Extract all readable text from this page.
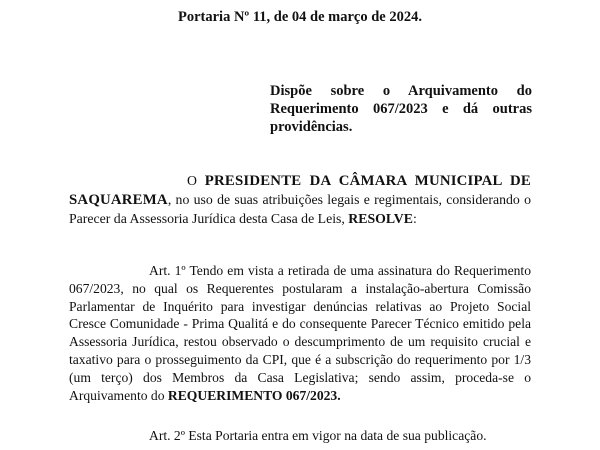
Portaria Nº 11, de 04 de março de 2024.
Dispõe sobre o Arquivamento do Requerimento 067/2023 e dá outras providências.
O PRESIDENTE DA CÂMARA MUNICIPAL DE SAQUAREMA, no uso de suas atribuições legais e regimentais, considerando o Parecer da Assessoria Jurídica desta Casa de Leis, RESOLVE:
Art. 1º Tendo em vista a retirada de uma assinatura do Requerimento 067/2023, no qual os Requerentes postularam a instalação-abertura Comissão Parlamentar de Inquérito para investigar denúncias relativas ao Projeto Social Cresce Comunidade - Prima Qualitá e do consequente Parecer Técnico emitido pela Assessoria Jurídica, restou observado o descumprimento de um requisito crucial e taxativo para o prosseguimento da CPI, que é a subscrição do requerimento por 1/3 (um terço) dos Membros da Casa Legislativa; sendo assim, proceda-se o Arquivamento do REQUERIMENTO 067/2023.
Art. 2º Esta Portaria entra em vigor na data de sua publicação.
